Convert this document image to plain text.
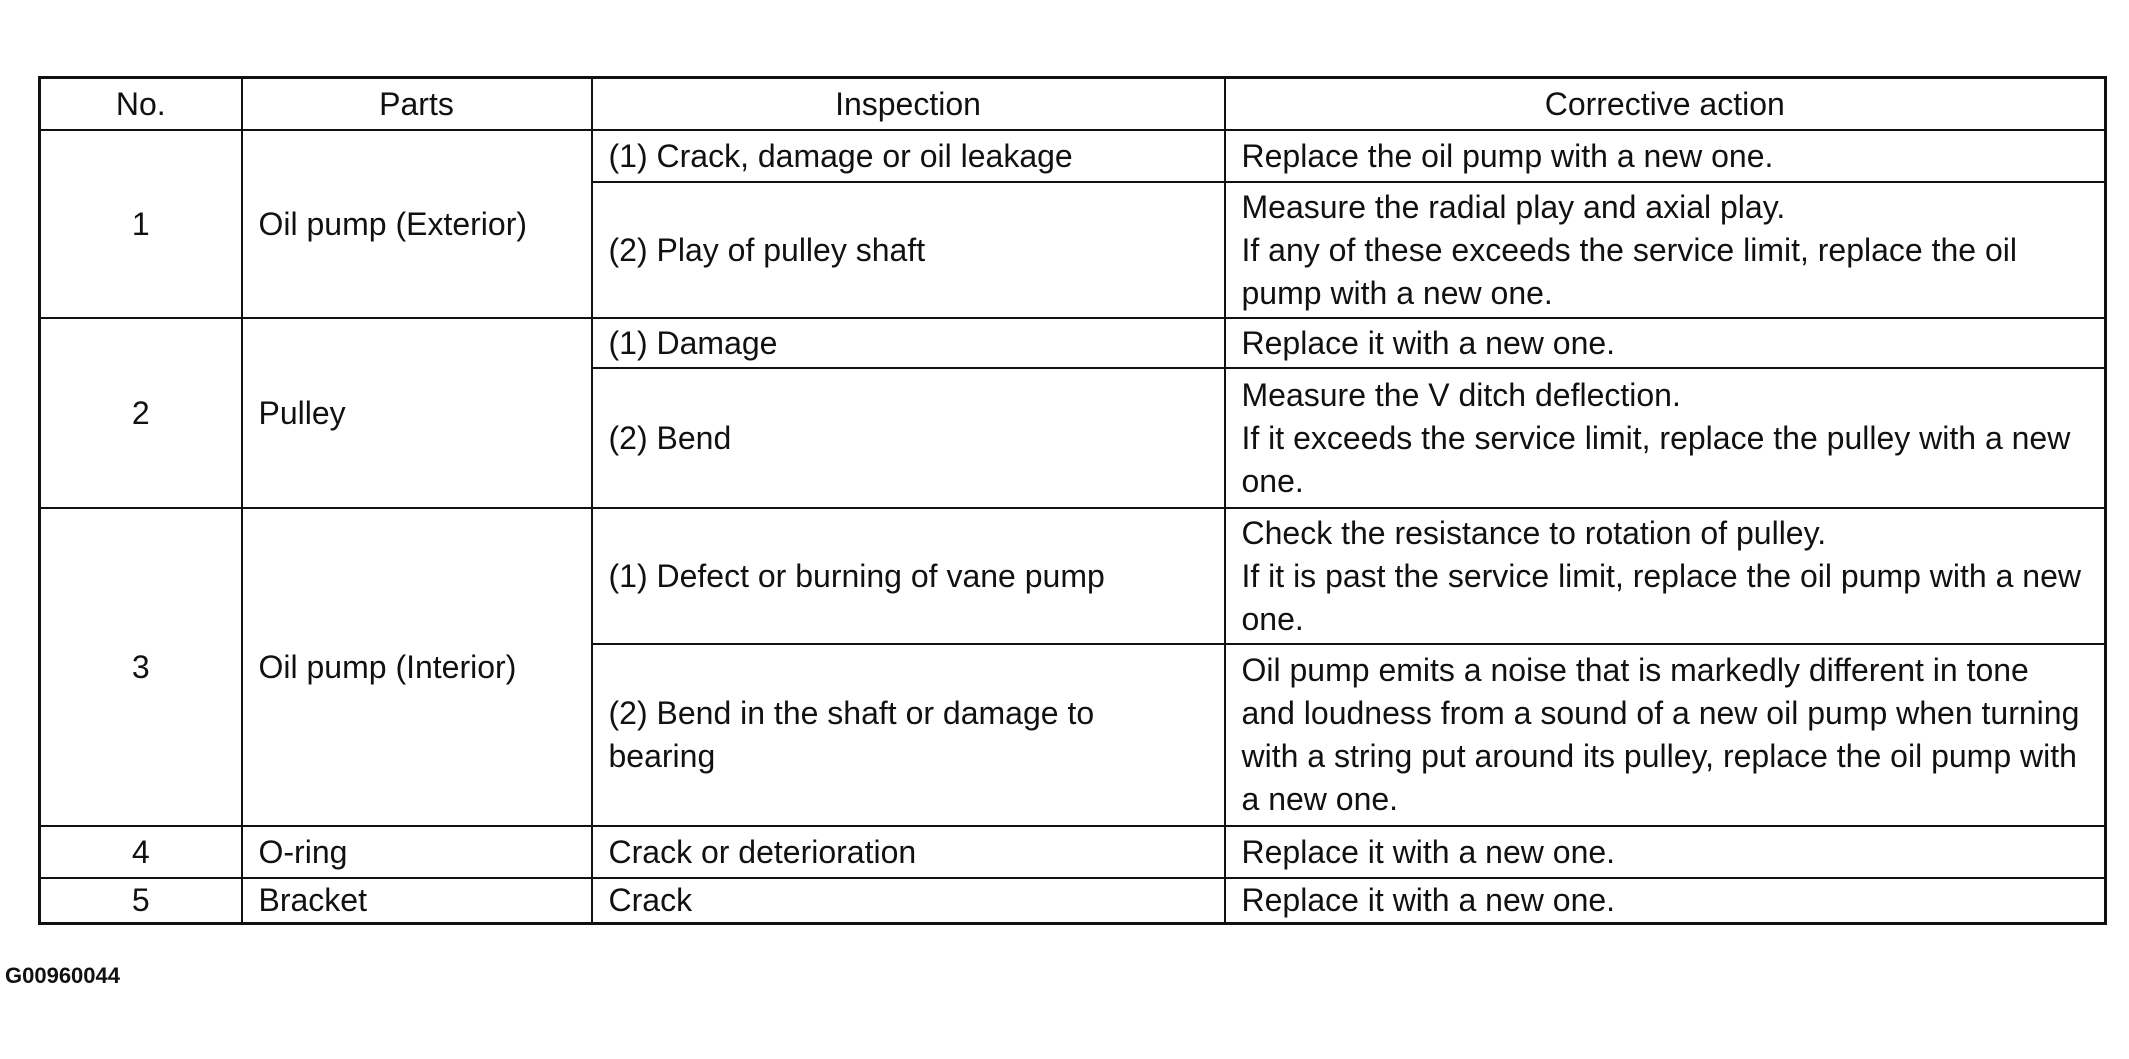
No.	Parts	Inspection	Corrective action
1	Oil pump (Exterior)	(1) Crack, damage or oil leakage	Replace the oil pump with a new one.

		(2) Play of pulley shaft	Measure the radial play and axial play.
If any of these exceeds the service limit, replace the oil pump with a new one.

2	Pulley	(1) Damage	Replace it with a new one.

		(2) Bend	Measure the V ditch deflection.
If it exceeds the service limit, replace the pulley with a new one.

3	Oil pump (Interior)	(1) Defect or burning of vane pump	Check the resistance to rotation of pulley.
If it is past the service limit, replace the oil pump with a new one.

		(2) Bend in the shaft or damage to bearing	Oil pump emits a noise that is markedly different in tone and loudness from a sound of a new oil pump when turning with a string put around its pulley, replace the oil pump with a new one.

4	O-ring	Crack or deterioration	Replace it with a new one.

5	Bracket	Crack	Replace it with a new one.
G00960044
